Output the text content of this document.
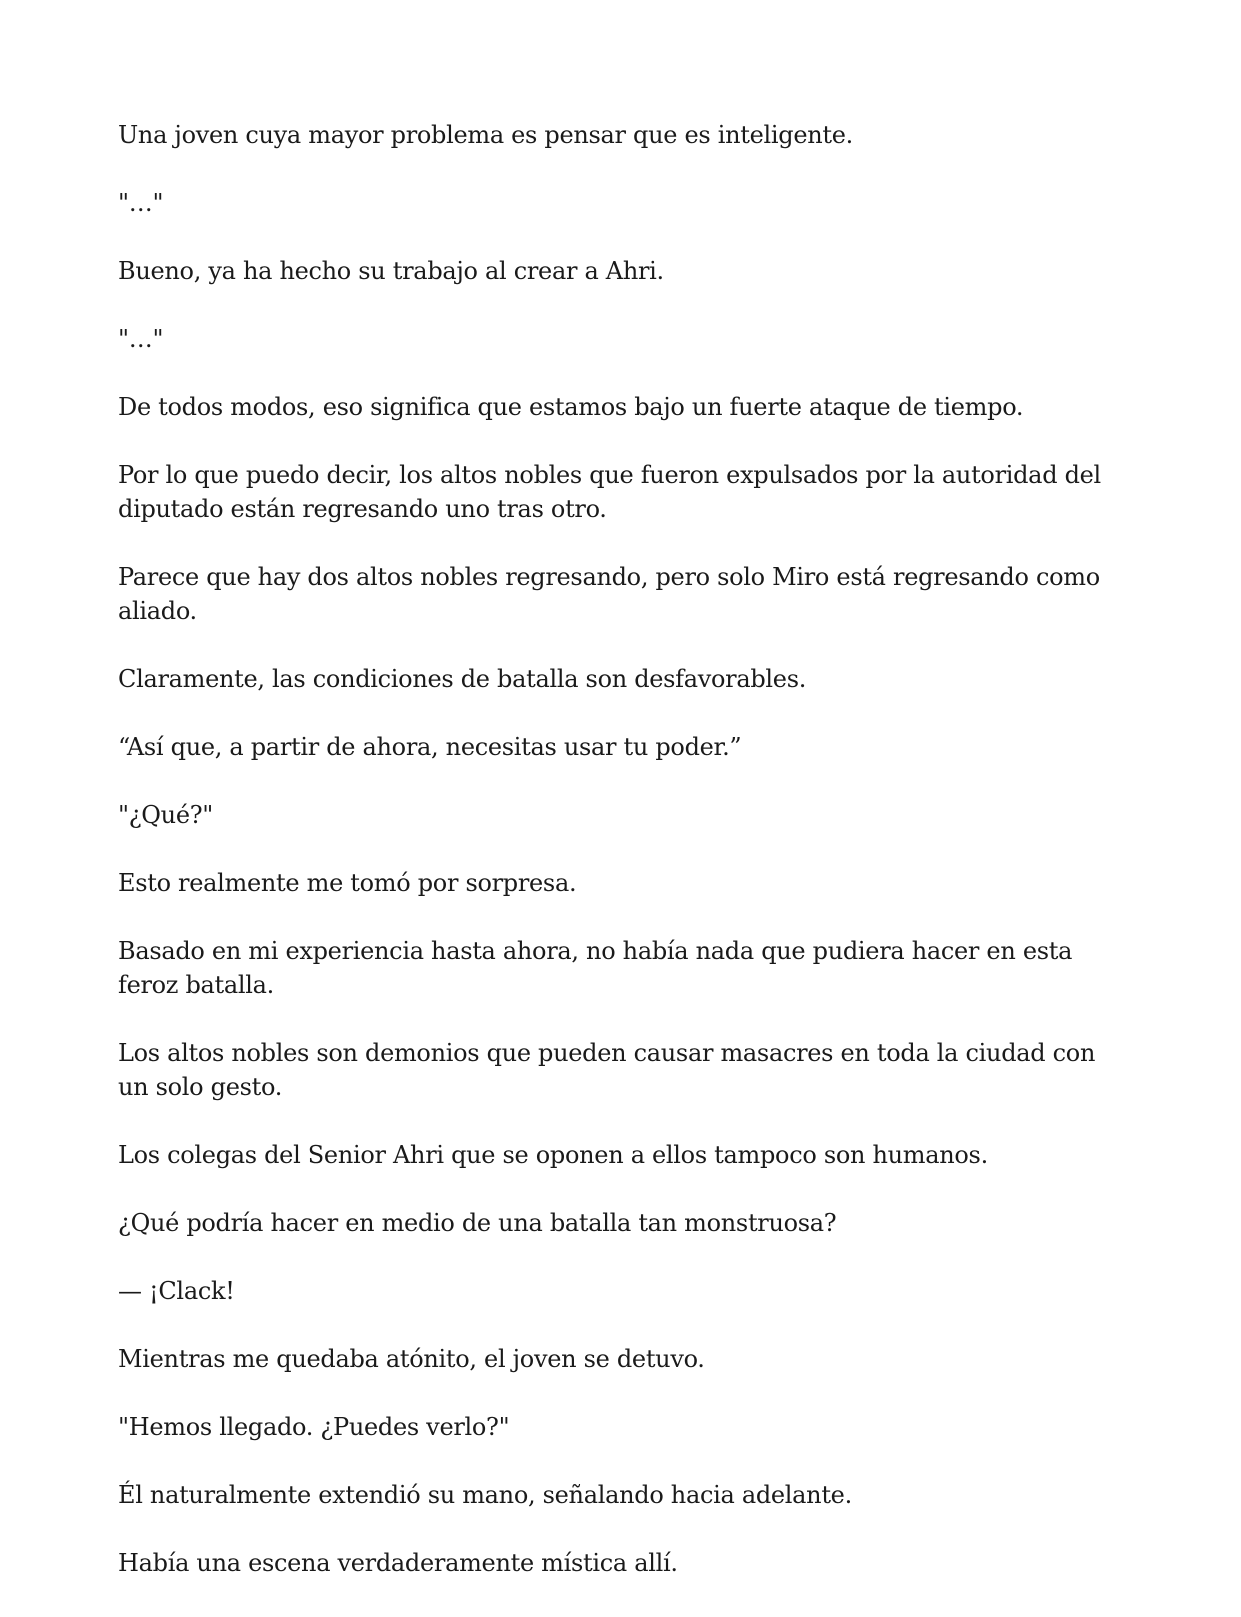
Una joven cuya mayor problema es pensar que es inteligente.

"…"

Bueno, ya ha hecho su trabajo al crear a Ahri.

"…"

De todos modos, eso significa que estamos bajo un fuerte ataque de tiempo.

Por lo que puedo decir, los altos nobles que fueron expulsados por la autoridad del diputado están regresando uno tras otro.

Parece que hay dos altos nobles regresando, pero solo Miro está regresando como aliado.

Claramente, las condiciones de batalla son desfavorables.

“Así que, a partir de ahora, necesitas usar tu poder.”

"¿Qué?"

Esto realmente me tomó por sorpresa.

Basado en mi experiencia hasta ahora, no había nada que pudiera hacer en esta feroz batalla.

Los altos nobles son demonios que pueden causar masacres en toda la ciudad con un solo gesto.

Los colegas del Senior Ahri que se oponen a ellos tampoco son humanos.

¿Qué podría hacer en medio de una batalla tan monstruosa?

— ¡Clack!

Mientras me quedaba atónito, el joven se detuvo.

"Hemos llegado. ¿Puedes verlo?"

Él naturalmente extendió su mano, señalando hacia adelante.

Había una escena verdaderamente mística allí.
